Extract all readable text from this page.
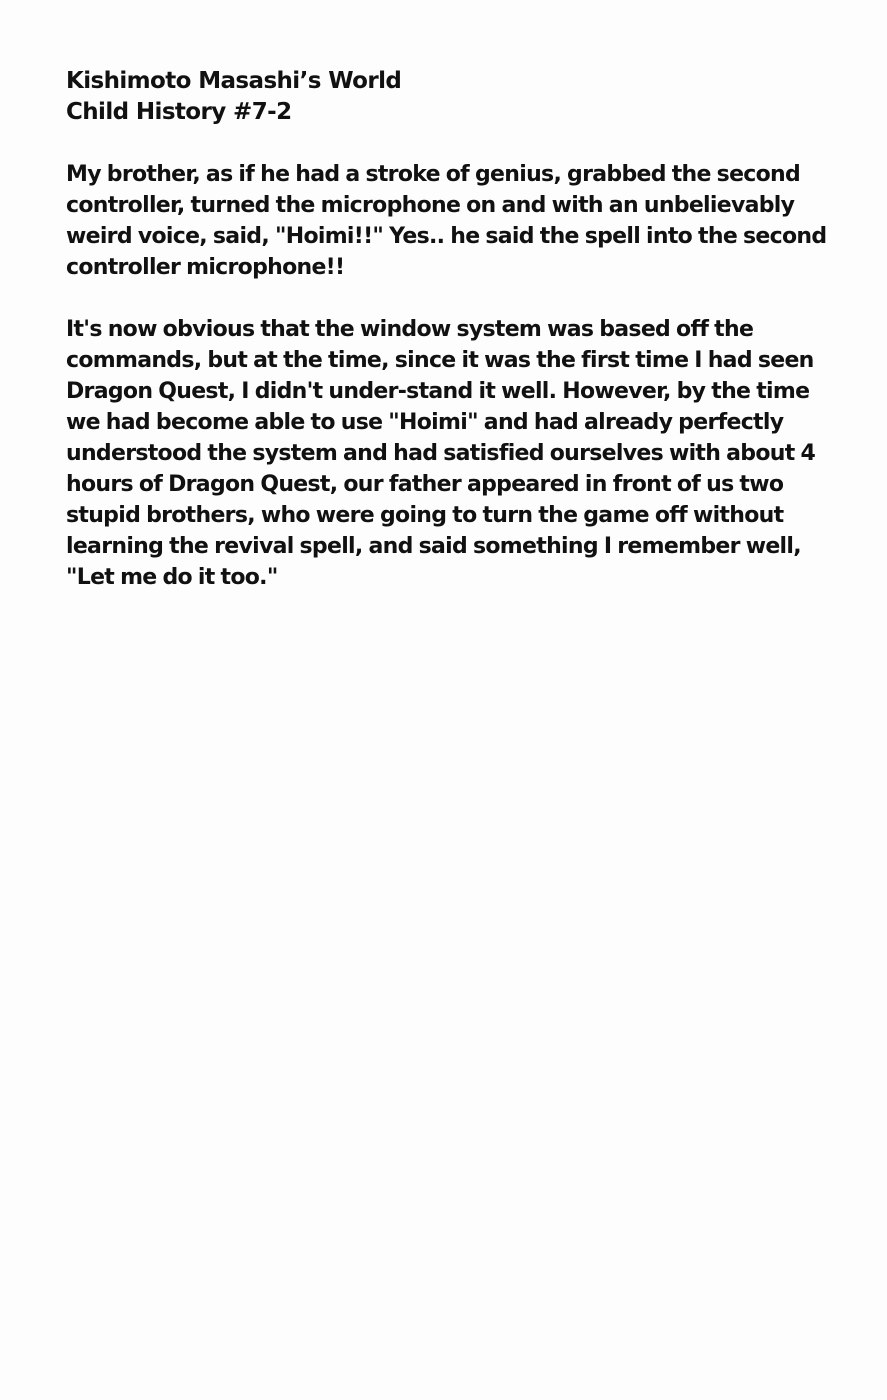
Kishimoto Masashi’s World
Child History #7-2

My brother, as if he had a stroke of genius, grabbed the second controller, turned the microphone on and with an unbelievably weird voice, said, "Hoimi!!" Yes.. he said the spell into the second controller microphone!!

It's now obvious that the window system was based off the commands, but at the time, since it was the first time I had seen Dragon Quest, I didn't under-stand it well. However, by the time we had become able to use "Hoimi" and had already perfectly understood the system and had satisfied ourselves with about 4 hours of Dragon Quest, our father appeared in front of us two stupid brothers, who were going to turn the game off without learning the revival spell, and said something I remember well, "Let me do it too."
